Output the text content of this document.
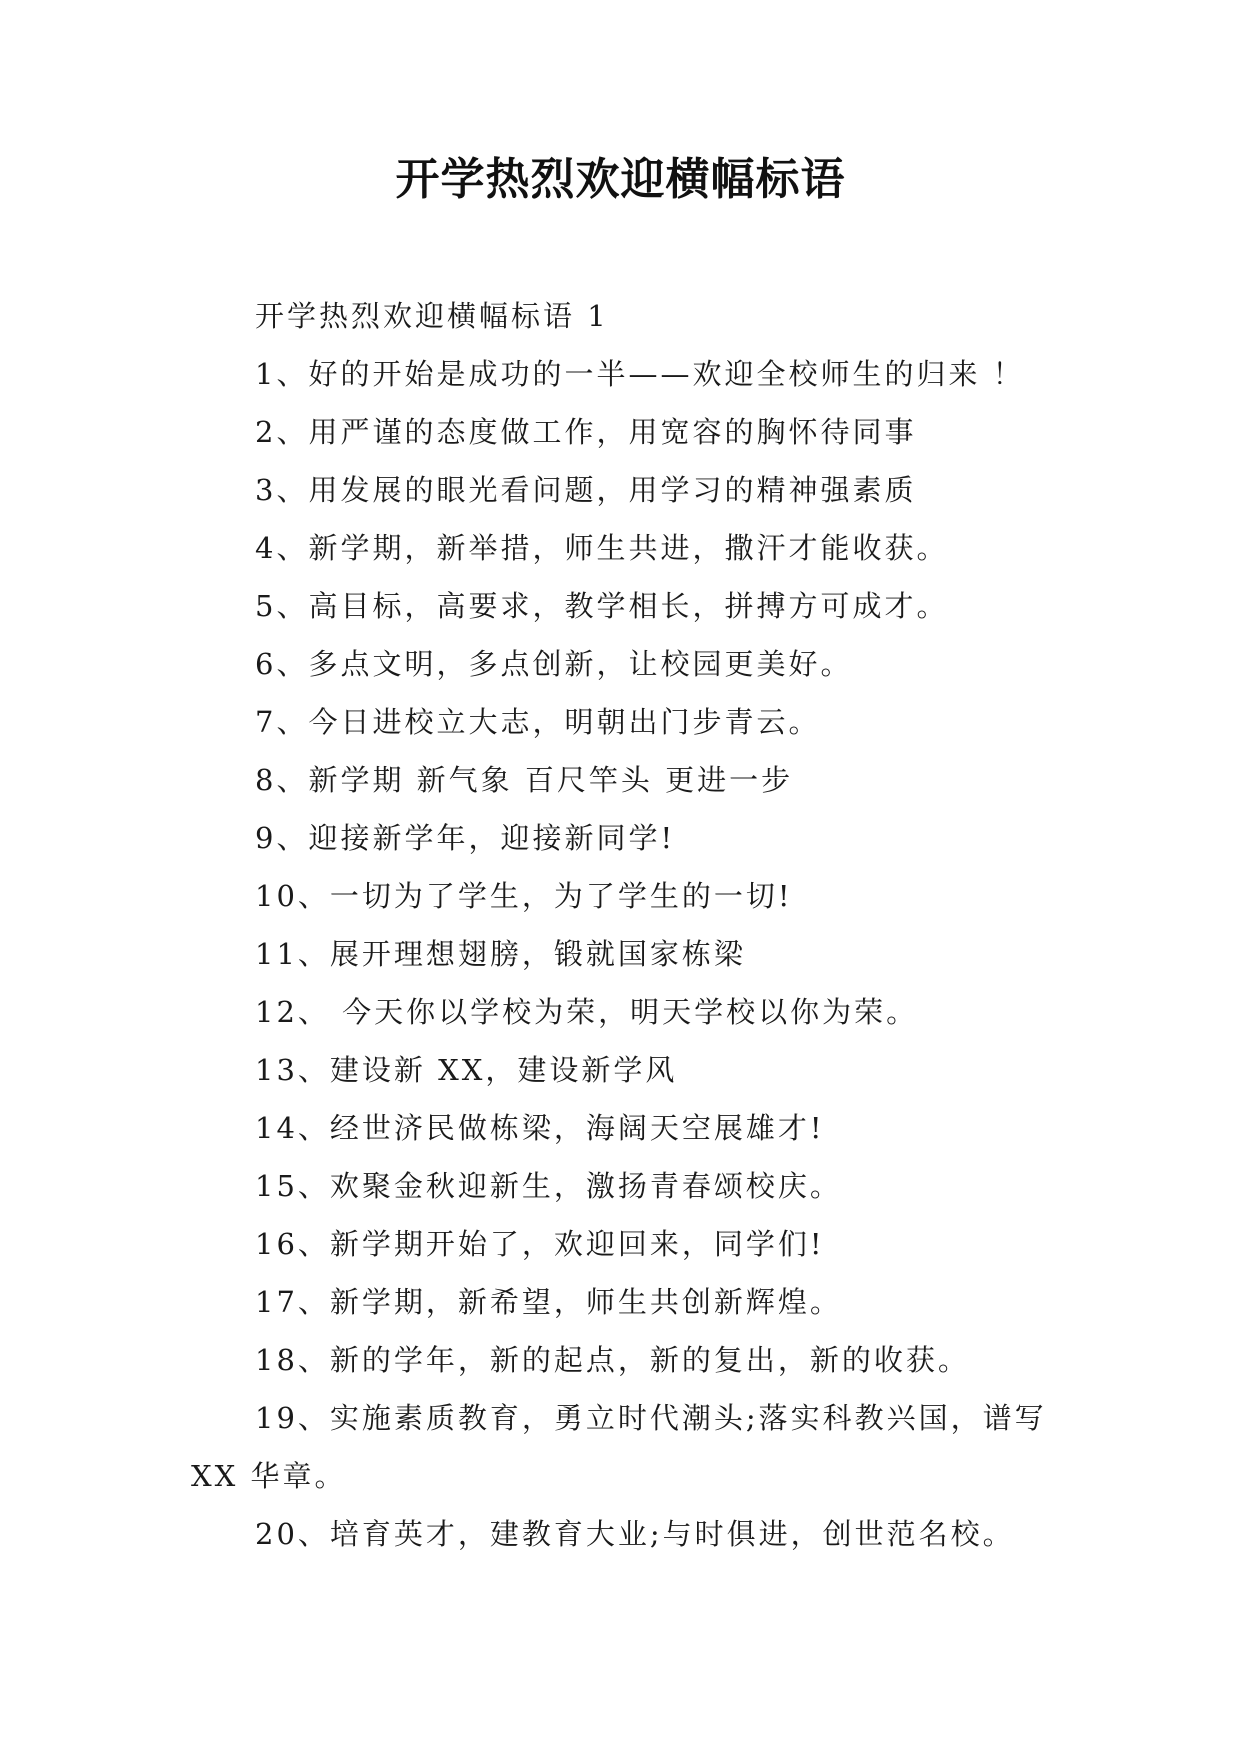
开学热烈欢迎横幅标语

开学热烈欢迎横幅标语 1

1、好的开始是成功的一半——欢迎全校师生的归来 ！

2、用严谨的态度做工作，用宽容的胸怀待同事

3、用发展的眼光看问题，用学习的精神强素质

4、新学期，新举措，师生共进，撒汗才能收获。

5、高目标，高要求，教学相长，拼搏方可成才。

6、多点文明，多点创新，让校园更美好。

7、今日进校立大志，明朝出门步青云。

8、新学期 新气象 百尺竿头 更进一步

9、迎接新学年，迎接新同学!

10、一切为了学生，为了学生的一切!

11、展开理想翅膀，锻就国家栋梁

12、 今天你以学校为荣，明天学校以你为荣。

13、建设新 XX，建设新学风

14、经世济民做栋梁，海阔天空展雄才!

15、欢聚金秋迎新生，激扬青春颂校庆。

16、新学期开始了，欢迎回来，同学们!

17、新学期，新希望，师生共创新辉煌。

18、新的学年，新的起点，新的复出，新的收获。

19、实施素质教育，勇立时代潮头;落实科教兴国，谱写 XX 华章。

20、培育英才，建教育大业;与时俱进，创世范名校。
